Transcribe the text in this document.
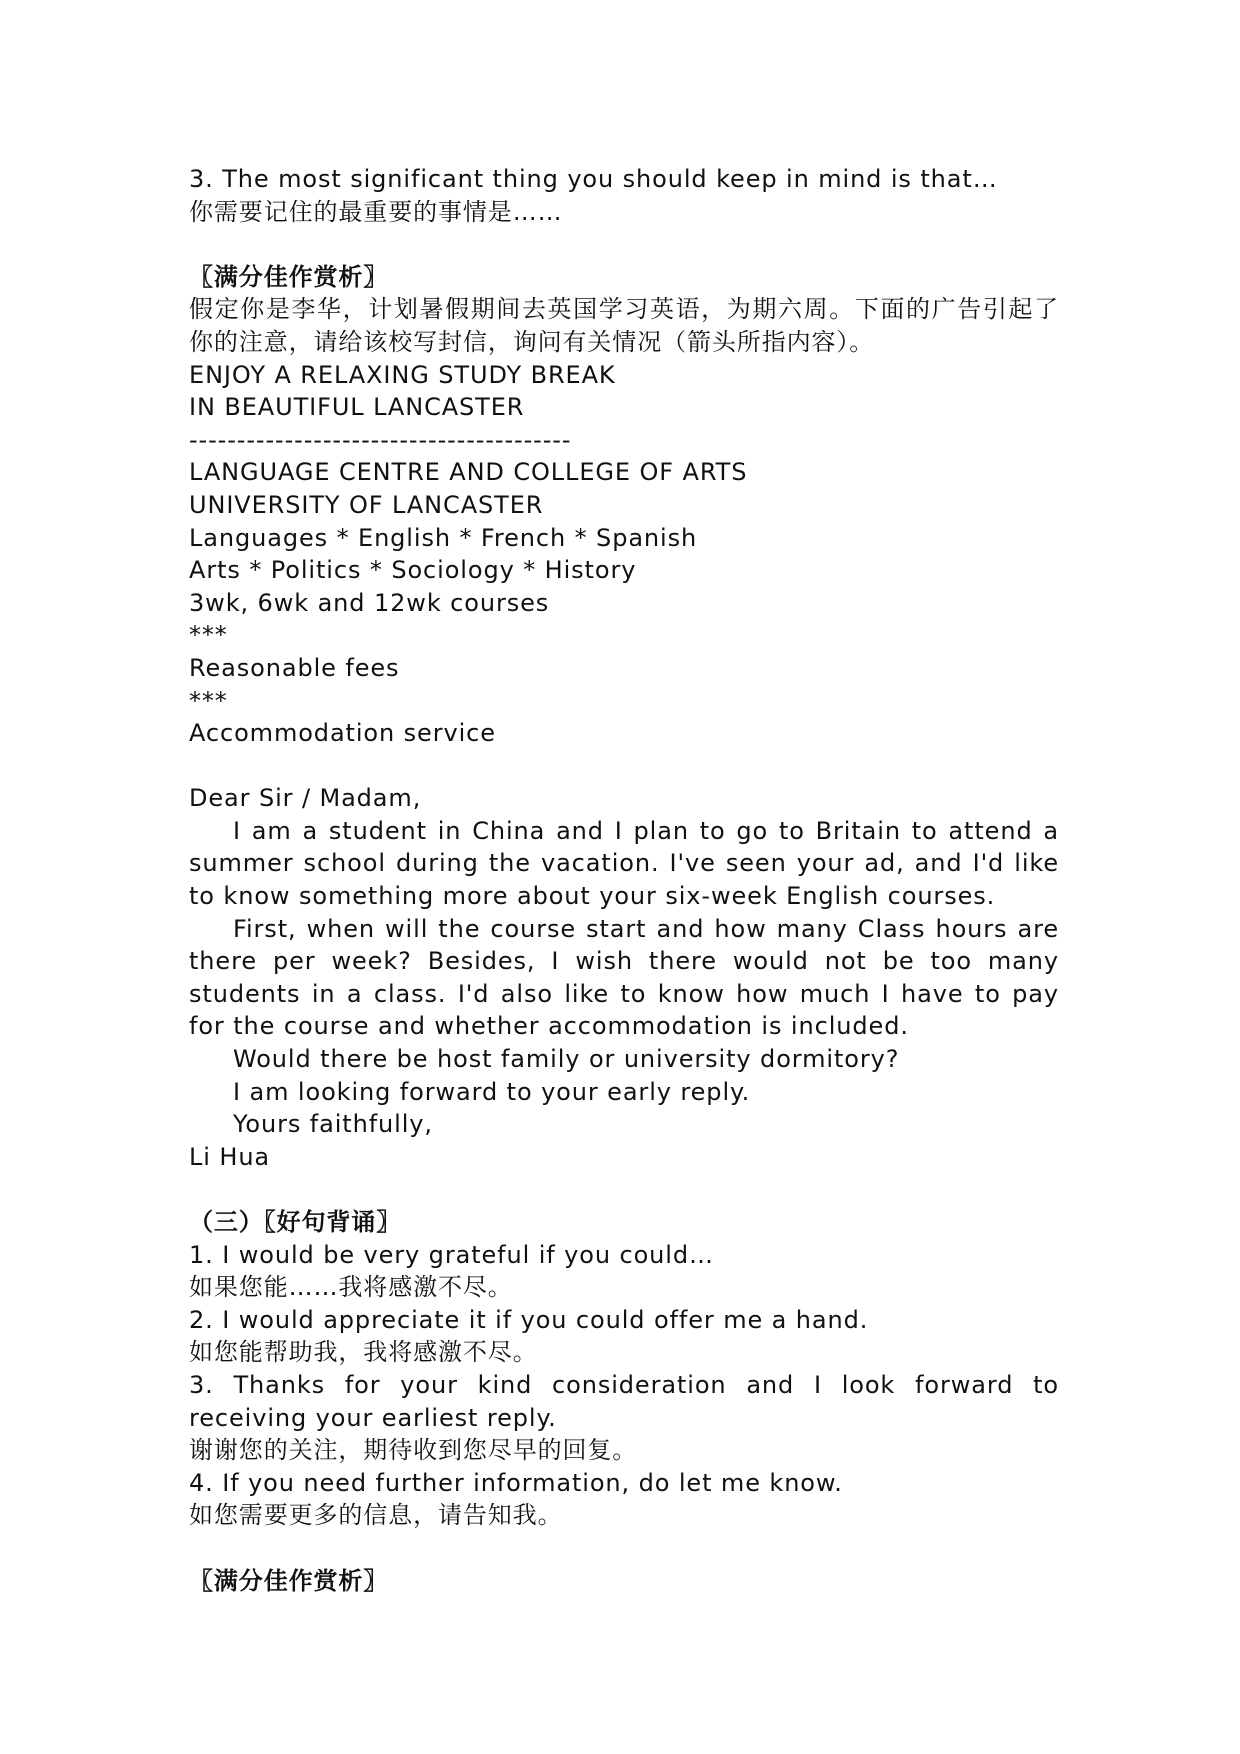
3. The most significant thing you should keep in mind is that…
你需要记住的最重要的事情是……
〖满分佳作赏析〗
假定你是李华，计划暑假期间去英国学习英语，为期六周。下面的广告引起了你的注意，请给该校写封信，询问有关情况（箭头所指内容）。
ENJOY A RELAXING STUDY BREAK
IN BEAUTIFUL LANCASTER
----------------------------------------
LANGUAGE CENTRE AND COLLEGE OF ARTS
UNIVERSITY OF LANCASTER
Languages * English * French * Spanish
Arts * Politics * Sociology * History
3wk, 6wk and 12wk courses
***
Reasonable fees
***
Accommodation service
Dear Sir / Madam,
I am a student in China and I plan to go to Britain to attend a summer school during the vacation. I've seen your ad, and I'd like to know something more about your six-week English courses.
First, when will the course start and how many Class hours are there per week? Besides, I wish there would not be too many students in a class. I'd also like to know how much I have to pay for the course and whether accommodation is included.
Would there be host family or university dormitory?
I am looking forward to your early reply.
Yours faithfully,
Li Hua
（三）〖好句背诵〗
1. I would be very grateful if you could…
如果您能……我将感激不尽。
2. I would appreciate it if you could offer me a hand.
如您能帮助我，我将感激不尽。
3. Thanks for your kind consideration and I look forward to receiving your earliest reply.
谢谢您的关注，期待收到您尽早的回复。
4. If you need further information, do let me know.
如您需要更多的信息，请告知我。
〖满分佳作赏析〗
